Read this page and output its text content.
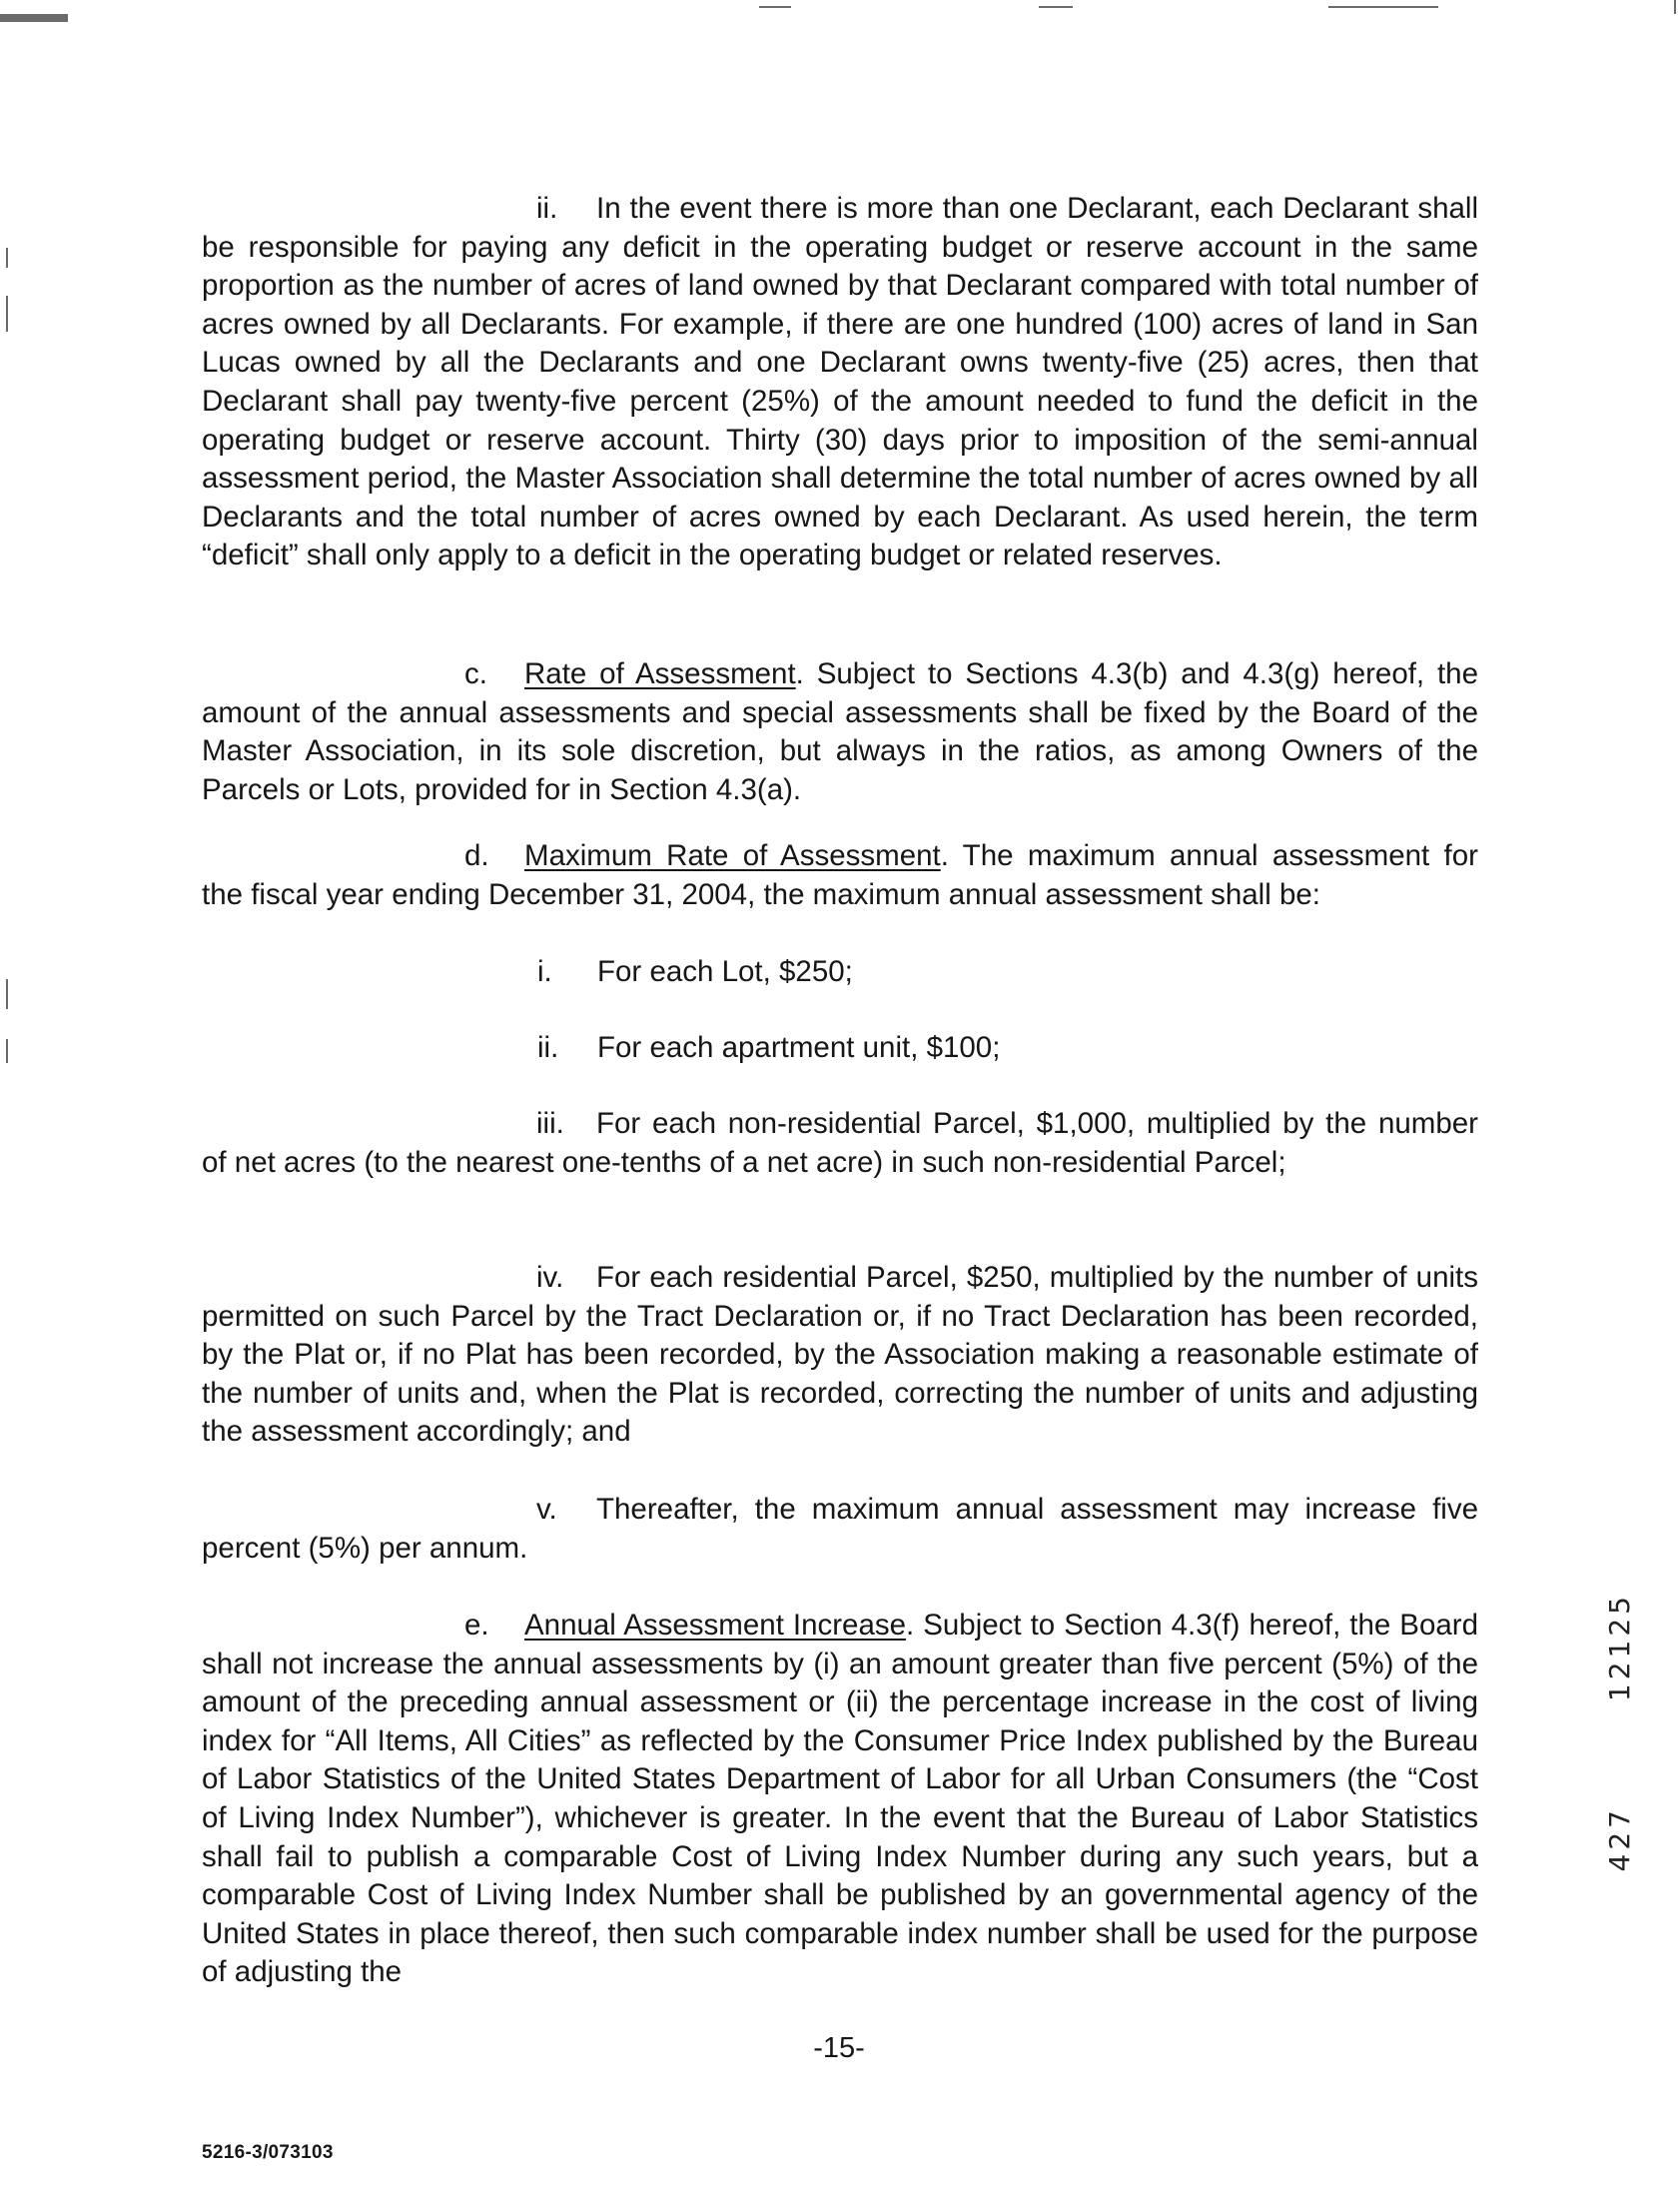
ii. In the event there is more than one Declarant, each Declarant shall be responsible for paying any deficit in the operating budget or reserve account in the same proportion as the number of acres of land owned by that Declarant compared with total number of acres owned by all Declarants. For example, if there are one hundred (100) acres of land in San Lucas owned by all the Declarants and one Declarant owns twenty-five (25) acres, then that Declarant shall pay twenty-five percent (25%) of the amount needed to fund the deficit in the operating budget or reserve account. Thirty (30) days prior to imposition of the semi-annual assessment period, the Master Association shall determine the total number of acres owned by all Declarants and the total number of acres owned by each Declarant. As used herein, the term “deficit” shall only apply to a deficit in the operating budget or related reserves.
c. Rate of Assessment. Subject to Sections 4.3(b) and 4.3(g) hereof, the amount of the annual assessments and special assessments shall be fixed by the Board of the Master Association, in its sole discretion, but always in the ratios, as among Owners of the Parcels or Lots, provided for in Section 4.3(a).
d. Maximum Rate of Assessment. The maximum annual assessment for the fiscal year ending December 31, 2004, the maximum annual assessment shall be:
i. For each Lot, $250;
ii. For each apartment unit, $100;
iii. For each non-residential Parcel, $1,000, multiplied by the number of net acres (to the nearest one-tenths of a net acre) in such non-residential Parcel;
iv. For each residential Parcel, $250, multiplied by the number of units permitted on such Parcel by the Tract Declaration or, if no Tract Declaration has been recorded, by the Plat or, if no Plat has been recorded, by the Association making a reasonable estimate of the number of units and, when the Plat is recorded, correcting the number of units and adjusting the assessment accordingly; and
v. Thereafter, the maximum annual assessment may increase five percent (5%) per annum.
e. Annual Assessment Increase. Subject to Section 4.3(f) hereof, the Board shall not increase the annual assessments by (i) an amount greater than five percent (5%) of the amount of the preceding annual assessment or (ii) the percentage increase in the cost of living index for “All Items, All Cities” as reflected by the Consumer Price Index published by the Bureau of Labor Statistics of the United States Department of Labor for all Urban Consumers (the “Cost of Living Index Number”), whichever is greater. In the event that the Bureau of Labor Statistics shall fail to publish a comparable Cost of Living Index Number during any such years, but a comparable Cost of Living Index Number shall be published by an governmental agency of the United States in place thereof, then such comparable index number shall be used for the purpose of adjusting the
12125
427
-15-
5216-3/073103
